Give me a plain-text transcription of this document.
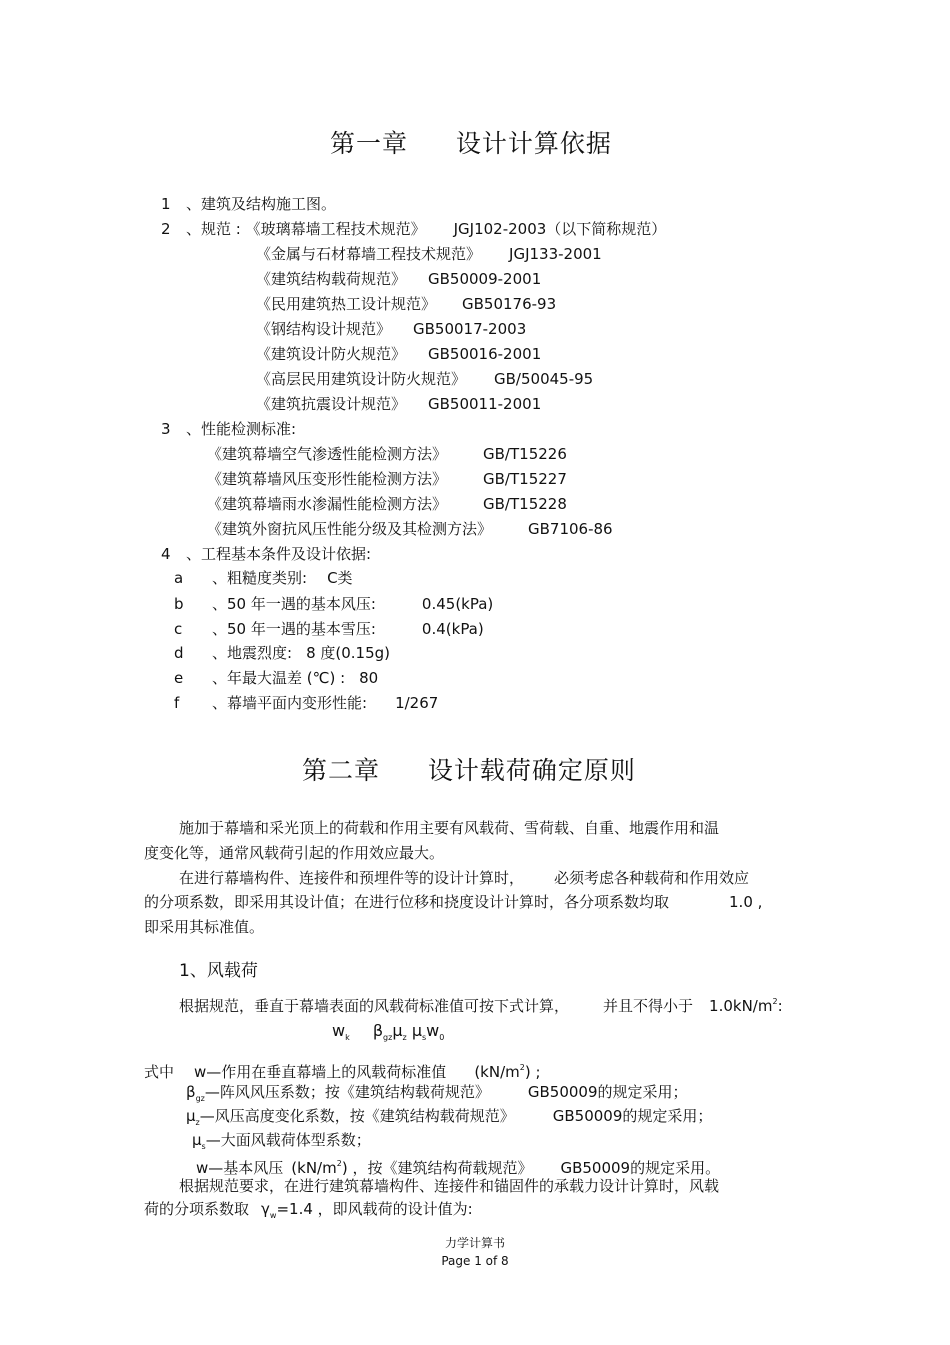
第一章 设计计算依据
1 、建筑及结构施工图。
2 、规范 : 《玻璃幕墙工程技术规范》 JGJ102-2003（以下简称规范）
《金属与石材幕墙工程技术规范》 JGJ133-2001
《建筑结构载荷规范》 GB50009-2001
《民用建筑热工设计规范》 GB50176-93
《钢结构设计规范》 GB50017-2003
《建筑设计防火规范》 GB50016-2001
《高层民用建筑设计防火规范》 GB/50045-95
《建筑抗震设计规范》 GB50011-2001
3 、性能检测标准:
《建筑幕墙空气渗透性能检测方法》 GB/T15226
《建筑幕墙风压变形性能检测方法》 GB/T15227
《建筑幕墙雨水渗漏性能检测方法》 GB/T15228
《建筑外窗抗风压性能分级及其检测方法》 GB7106-86
4 、工程基本条件及设计依据:
a 、粗糙度类别: C类
b 、50 年一遇的基本风压:	0.45(kPa)
c 、50 年一遇的基本雪压:	0.4(kPa)
d 、地震烈度: 8 度(0.15g)
e 、年最大温差 (℃) : 80
f 、幕墙平面内变形性能: 1/267
第二章 设计载荷确定原则
施加于幕墙和采光顶上的荷载和作用主要有风载荷、雪荷载、自重、地震作用和温
度变化等，通常风载荷引起的作用效应最大。
在进行幕墙构件、连接件和预埋件等的设计计算时， 必须考虑各种载荷和作用效应
的分项系数，即采用其设计值；在进行位移和挠度设计计算时，各分项系数均取	1.0 ,
即采用其标准值。
1、风载荷
根据规范，垂直于幕墙表面的风载荷标准值可按下式计算， 并且不得小于 $1.0kN/m^2$:
$w_k$ $\beta_{gz}\mu_z$ $\mu_sw_0$
式中 w—作用在垂直幕墙上的风载荷标准值 $(kN/m^2)$ ;
$\beta_{gz}—$阵风风压系数；按《建筑结构载荷规范》	GB50009的规定采用；
$\mu_z—$风压高度变化系数，按《建筑结构载荷规范》	GB50009的规定采用；
$\mu_s—$大面风载荷体型系数；
w—基本风压 $(kN/m^2)$ ，按《建筑结构荷载规范》 GB50009的规定采用。
根据规范要求，在进行建筑幕墙构件、连接件和锚固件的承载力设计计算时，风载
荷的分项系数取 $\gamma_w=1.4$ ，即风载荷的设计值为:
力学计算书
Page 1 of 8
